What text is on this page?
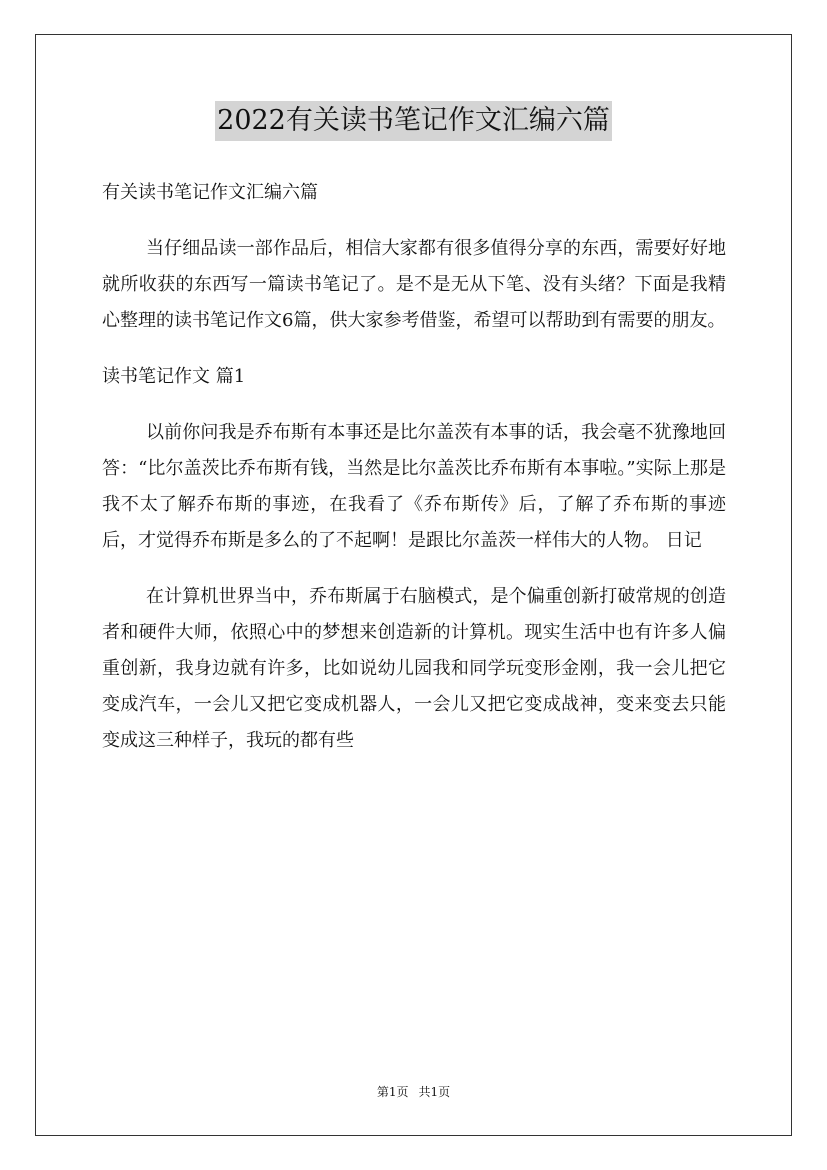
2022有关读书笔记作文汇编六篇

有关读书笔记作文汇编六篇

当仔细品读一部作品后，相信大家都有很多值得分享的东西，需要好好地就所收获的东西写一篇读书笔记了。是不是无从下笔、没有头绪？下面是我精心整理的读书笔记作文6篇，供大家参考借鉴，希望可以帮助到有需要的朋友。

读书笔记作文 篇1

以前你问我是乔布斯有本事还是比尔盖茨有本事的话，我会毫不犹豫地回答：“比尔盖茨比乔布斯有钱，当然是比尔盖茨比乔布斯有本事啦。”实际上那是我不太了解乔布斯的事迹，在我看了《乔布斯传》后，了解了乔布斯的事迹后，才觉得乔布斯是多么的了不起啊！是跟比尔盖茨一样伟大的人物。 日记

在计算机世界当中，乔布斯属于右脑模式，是个偏重创新打破常规的创造者和硬件大师，依照心中的梦想来创造新的计算机。现实生活中也有许多人偏重创新，我身边就有许多，比如说幼儿园我和同学玩变形金刚，我一会儿把它变成汽车，一会儿又把它变成机器人，一会儿又把它变成战神，变来变去只能变成这三种样子，我玩的都有些

第1页 共1页
